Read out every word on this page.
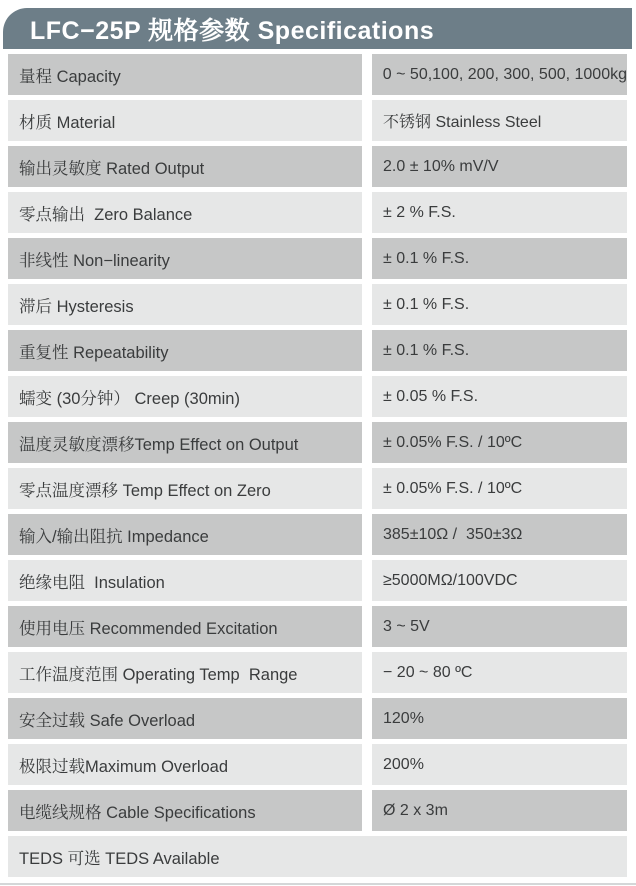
LFC−25P 规格参数 Specifications
量程 Capacity	0 ~ 50,100, 200, 300, 500, 1000kg
材质 Material	不锈钢 Stainless Steel
输出灵敏度 Rated Output	2.0 ± 10% mV/V
零点输出  Zero Balance	± 2 % F.S.
非线性 Non−linearity	± 0.1 % F.S.
滞后 Hysteresis	± 0.1 % F.S.
重复性 Repeatability	± 0.1 % F.S.
蠕变 (30分钟） Creep (30min)	± 0.05 % F.S.
温度灵敏度漂移Temp Effect on Output	± 0.05% F.S. / 10ºC
零点温度漂移 Temp Effect on Zero	± 0.05% F.S. / 10ºC
输入/输出阻抗 Impedance	385±10Ω /  350±3Ω
绝缘电阻  Insulation	≥5000MΩ/100VDC
使用电压 Recommended Excitation	3 ~ 5V
工作温度范围 Operating Temp  Range	− 20 ~ 80 ºC
安全过载 Safe Overload	120%
极限过载Maximum Overload	200%
电缆线规格 Cable Specifications	Ø 2 x 3m
TEDS 可选 TEDS Available
